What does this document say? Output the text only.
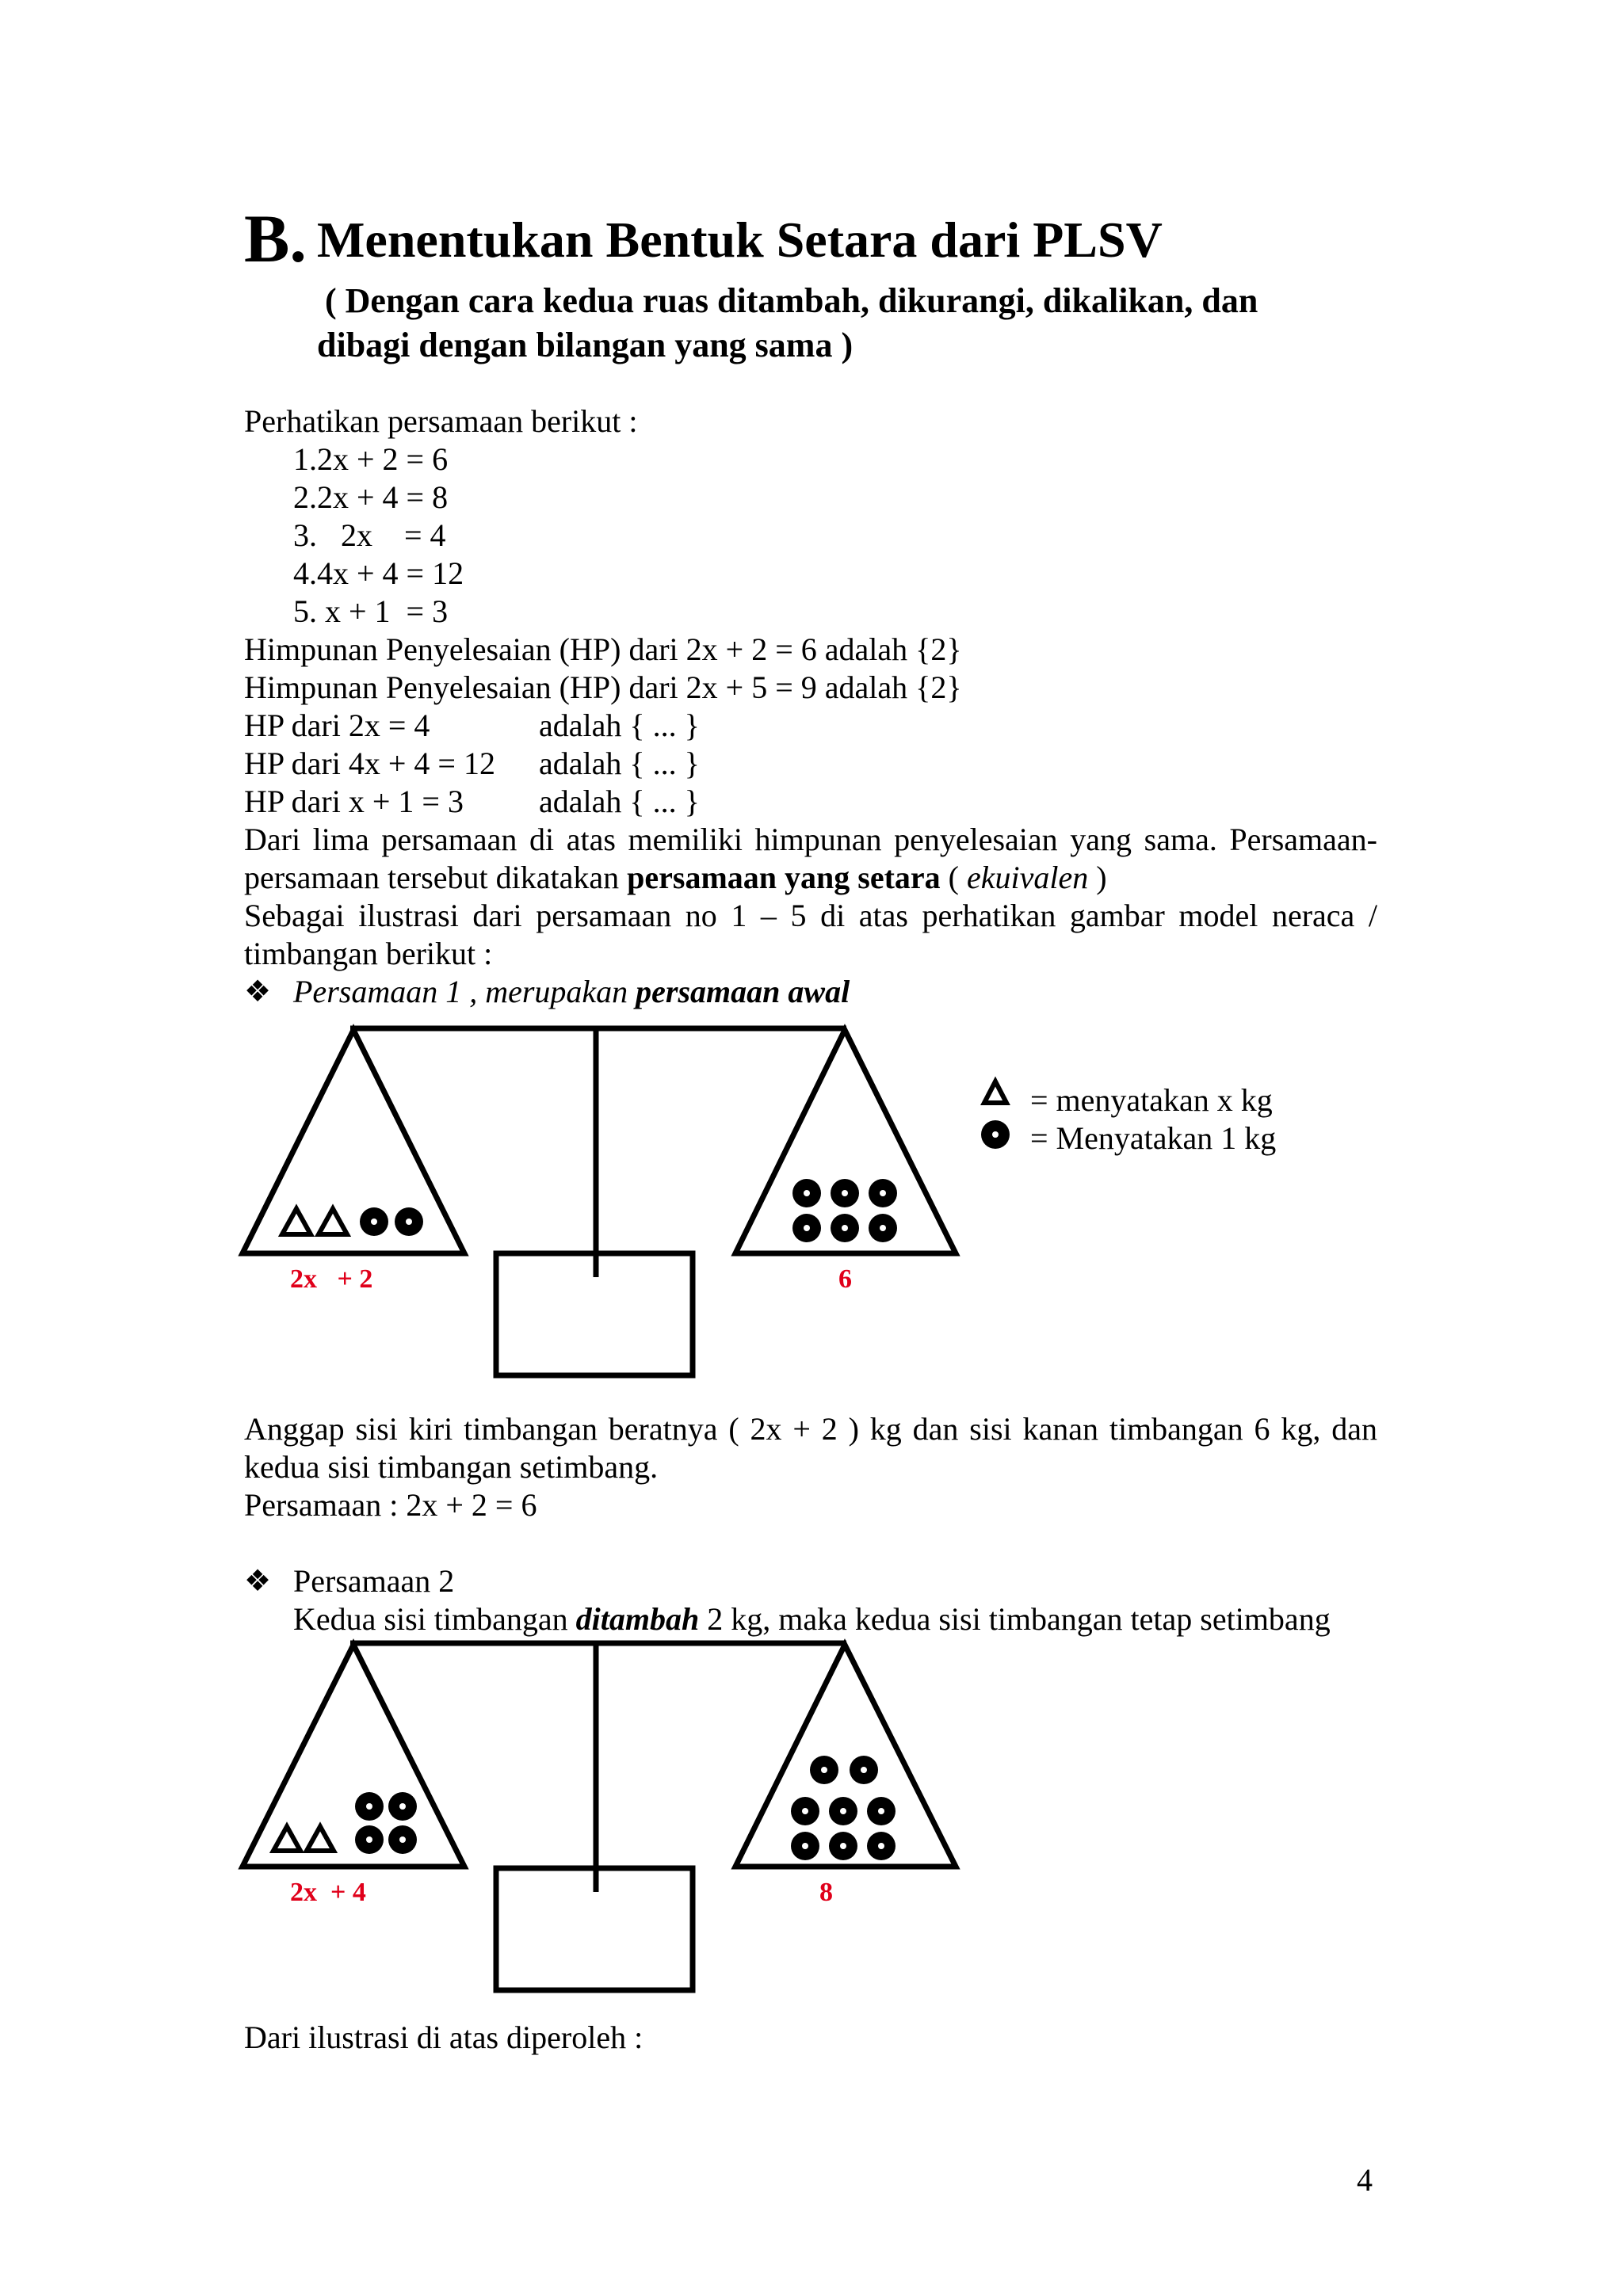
B. Menentukan Bentuk Setara dari PLSV
( Dengan cara kedua ruas ditambah, dikurangi, dikalikan, dan
dibagi dengan bilangan yang sama )
Perhatikan persamaan berikut :
1.2x + 2 = 6
2.2x + 4 = 8
3.   2x    = 4
4.4x + 4 = 12
5. x + 1  = 3
Himpunan Penyelesaian (HP) dari 2x + 2 = 6 adalah {2}
Himpunan Penyelesaian (HP) dari 2x + 5 = 9 adalah {2}
HP dari 2x = 4	adalah { ... }
HP dari 4x + 4 = 12 adalah { ... }
HP dari x + 1 = 3 adalah { ... }
Dari lima persamaan di atas memiliki himpunan penyelesaian yang sama. Persamaan-
persamaan tersebut dikatakan persamaan yang setara ( ekuivalen )
Sebagai ilustrasi dari persamaan no 1 – 5 di atas perhatikan gambar model neraca /
timbangan berikut :
❖ Persamaan 1 , merupakan persamaan awal
= menyatakan x kg
= Menyatakan 1 kg
2x   + 2	6
Anggap sisi kiri timbangan beratnya ( 2x + 2 ) kg dan sisi kanan timbangan 6 kg, dan
kedua sisi timbangan setimbang.
Persamaan : 2x + 2 = 6
❖ Persamaan 2
Kedua sisi timbangan ditambah 2 kg, maka kedua sisi timbangan tetap setimbang
2x  + 4	8
Dari ilustrasi di atas diperoleh :
4
